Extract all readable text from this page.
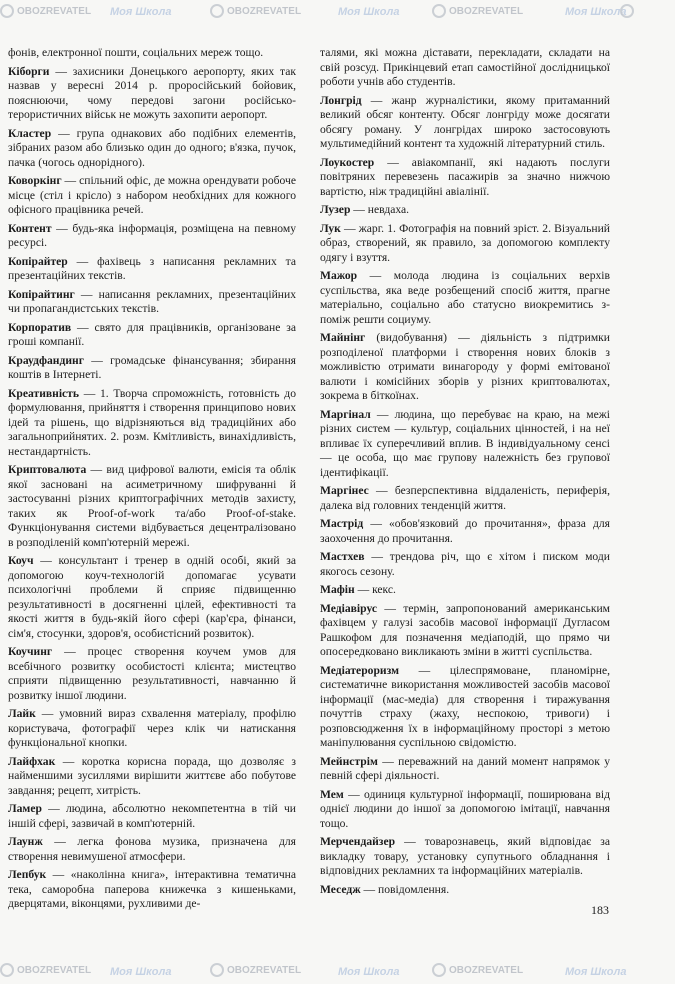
Моя Школа	Моя Школа	Моя Школа
OBOZREVATEL	OBOZREVATEL	OBOZREVATEL
Моя Школа	Моя Школа	Моя Школа
OBOZREVATEL	OBOZREVATEL	OBOZREVATEL

фонів, електронної пошти, соціальних мереж тощо.

Кіборги — захисники Донецького аеропорту, яких так назвав у вересні 2014 р. проросійський бойовик, пояснюючи, чому передові загони російсько-терористичних військ не можуть захопити аеропорт.

Кластер — група однакових або подібних елементів, зібраних разом або близько один до одного; в'язка, пучок, пачка (чогось однорідного).

Коворкінг — спільний офіс, де можна орендувати робоче місце (стіл і крісло) з набором необхідних для кожного офісного працівника речей.

Контент — будь-яка інформація, розміщена на певному ресурсі.

Копірайтер — фахівець з написання рекламних та презентаційних текстів.

Копірайтинг — написання рекламних, презентаційних чи пропагандистських текстів.

Корпоратив — свято для працівників, організоване за гроші компанії.

Краудфандинг — громадське фінансування; збирання коштів в Інтернеті.

Креативність — 1. Творча спроможність, готовність до формулювання, прийняття і створення принципово нових ідей та рішень, що відрізняються від традиційних або загальноприйнятих. 2. розм. Кмітливість, винахідливість, нестандартність.

Криптовалюта — вид цифрової валюти, емісія та облік якої засновані на асиметричному шифруванні й застосуванні різних криптографічних методів захисту, таких як Proof-of-work та/або Proof-of-stake. Функціонування системи відбувається децентралізовано в розподіленій комп'ютерній мережі.

Коуч — консультант і тренер в одній особі, який за допомогою коуч-технологій допомагає усувати психологічні проблеми й сприяє підвищенню результативності в досягненні цілей, ефективності та якості життя в будь-якій його сфері (кар'єра, фінанси, сім'я, стосунки, здоров'я, особистісний розвиток).

Коучинг — процес створення коучем умов для всебічного розвитку особистості клієнта; мистецтво сприяти підвищенню результативності, навчанню й розвитку іншої людини.

Лайк — умовний вираз схвалення матеріалу, профілю користувача, фотографії через клік чи натискання функціональної кнопки.

Лайфхак — коротка корисна порада, що дозволяє з найменшими зусиллями вирішити життєве або побутове завдання; рецепт, хитрість.

Ламер — людина, абсолютно некомпетентна в тій чи іншій сфері, зазвичай в комп'ютерній.

Лаунж — легка фонова музика, призначена для створення невимушеної атмосфери.

Лепбук — «наколінна книга», інтерактивна тематична тека, саморобна паперова книжечка з кишеньками, дверцятами, віконцями, рухливими де-

талями, які можна діставати, перекладати, складати на свій розсуд. Прикінцевий етап самостійної дослідницької роботи учнів або студентів.

Лонгрід — жанр журналістики, якому притаманний великий обсяг контенту. Обсяг лонгріду може досягати обсягу роману. У лонгрідах широко застосовують мультимедійний контент та художній літературний стиль.

Лоукостер — авіакомпанії, які надають послуги повітряних перевезень пасажирів за значно нижчою вартістю, ніж традиційні авіалінії.

Лузер — невдаха.

Лук — жарг. 1. Фотографія на повний зріст. 2. Візуальний образ, створений, як правило, за допомогою комплекту одягу і взуття.

Мажор — молода людина із соціальних верхів суспільства, яка веде розбещений спосіб життя, прагне матеріально, соціально або статусно виокремитись з-поміж решти социуму.

Майнінг (видобування) — діяльність з підтримки розподіленої платформи і створення нових блоків з можливістю отримати винагороду у формі емітованої валюти і комісійних зборів у різних криптовалютах, зокрема в біткоїнах.

Маргінал — людина, що перебуває на краю, на межі різних систем — культур, соціальних цінностей, і на неї впливає їх суперечливий вплив. В індивідуальному сенсі — це особа, що має групову належність без групової ідентифікації.

Маргінес — безперспективна віддаленість, периферія, далека від головних тенденцій життя.

Мастрід — «обов'язковий до прочитання», фраза для заохочення до прочитання.

Мастхев — трендова річ, що є хітом і писком моди якогось сезону.

Мафін — кекс.

Медіавірус — термін, запропонований американським фахівцем у галузі засобів масової інформації Дугласом Рашкофом для позначення медіаподій, що прямо чи опосередковано викликають зміни в житті суспільства.

Медіатероризм — цілеспрямоване, планомірне, систематичне використання можливостей засобів масової інформації (мас-медіа) для створення і тиражування почуттів страху (жаху, неспокою, тривоги) і розповсюдження їх в інформаційному просторі з метою маніпулювання суспільною свідомістю.

Мейнстрім — переважний на даний момент напрямок у певній сфері діяльності.

Мем — одиниця культурної інформації, поширювана від однієї людини до іншої за допомогою імітації, навчання тощо.

Мерчендайзер — товарознавець, який відповідає за викладку товару, установку супутнього обладнання і відповідних рекламних та інформаційних матеріалів.

Меседж — повідомлення.

183
